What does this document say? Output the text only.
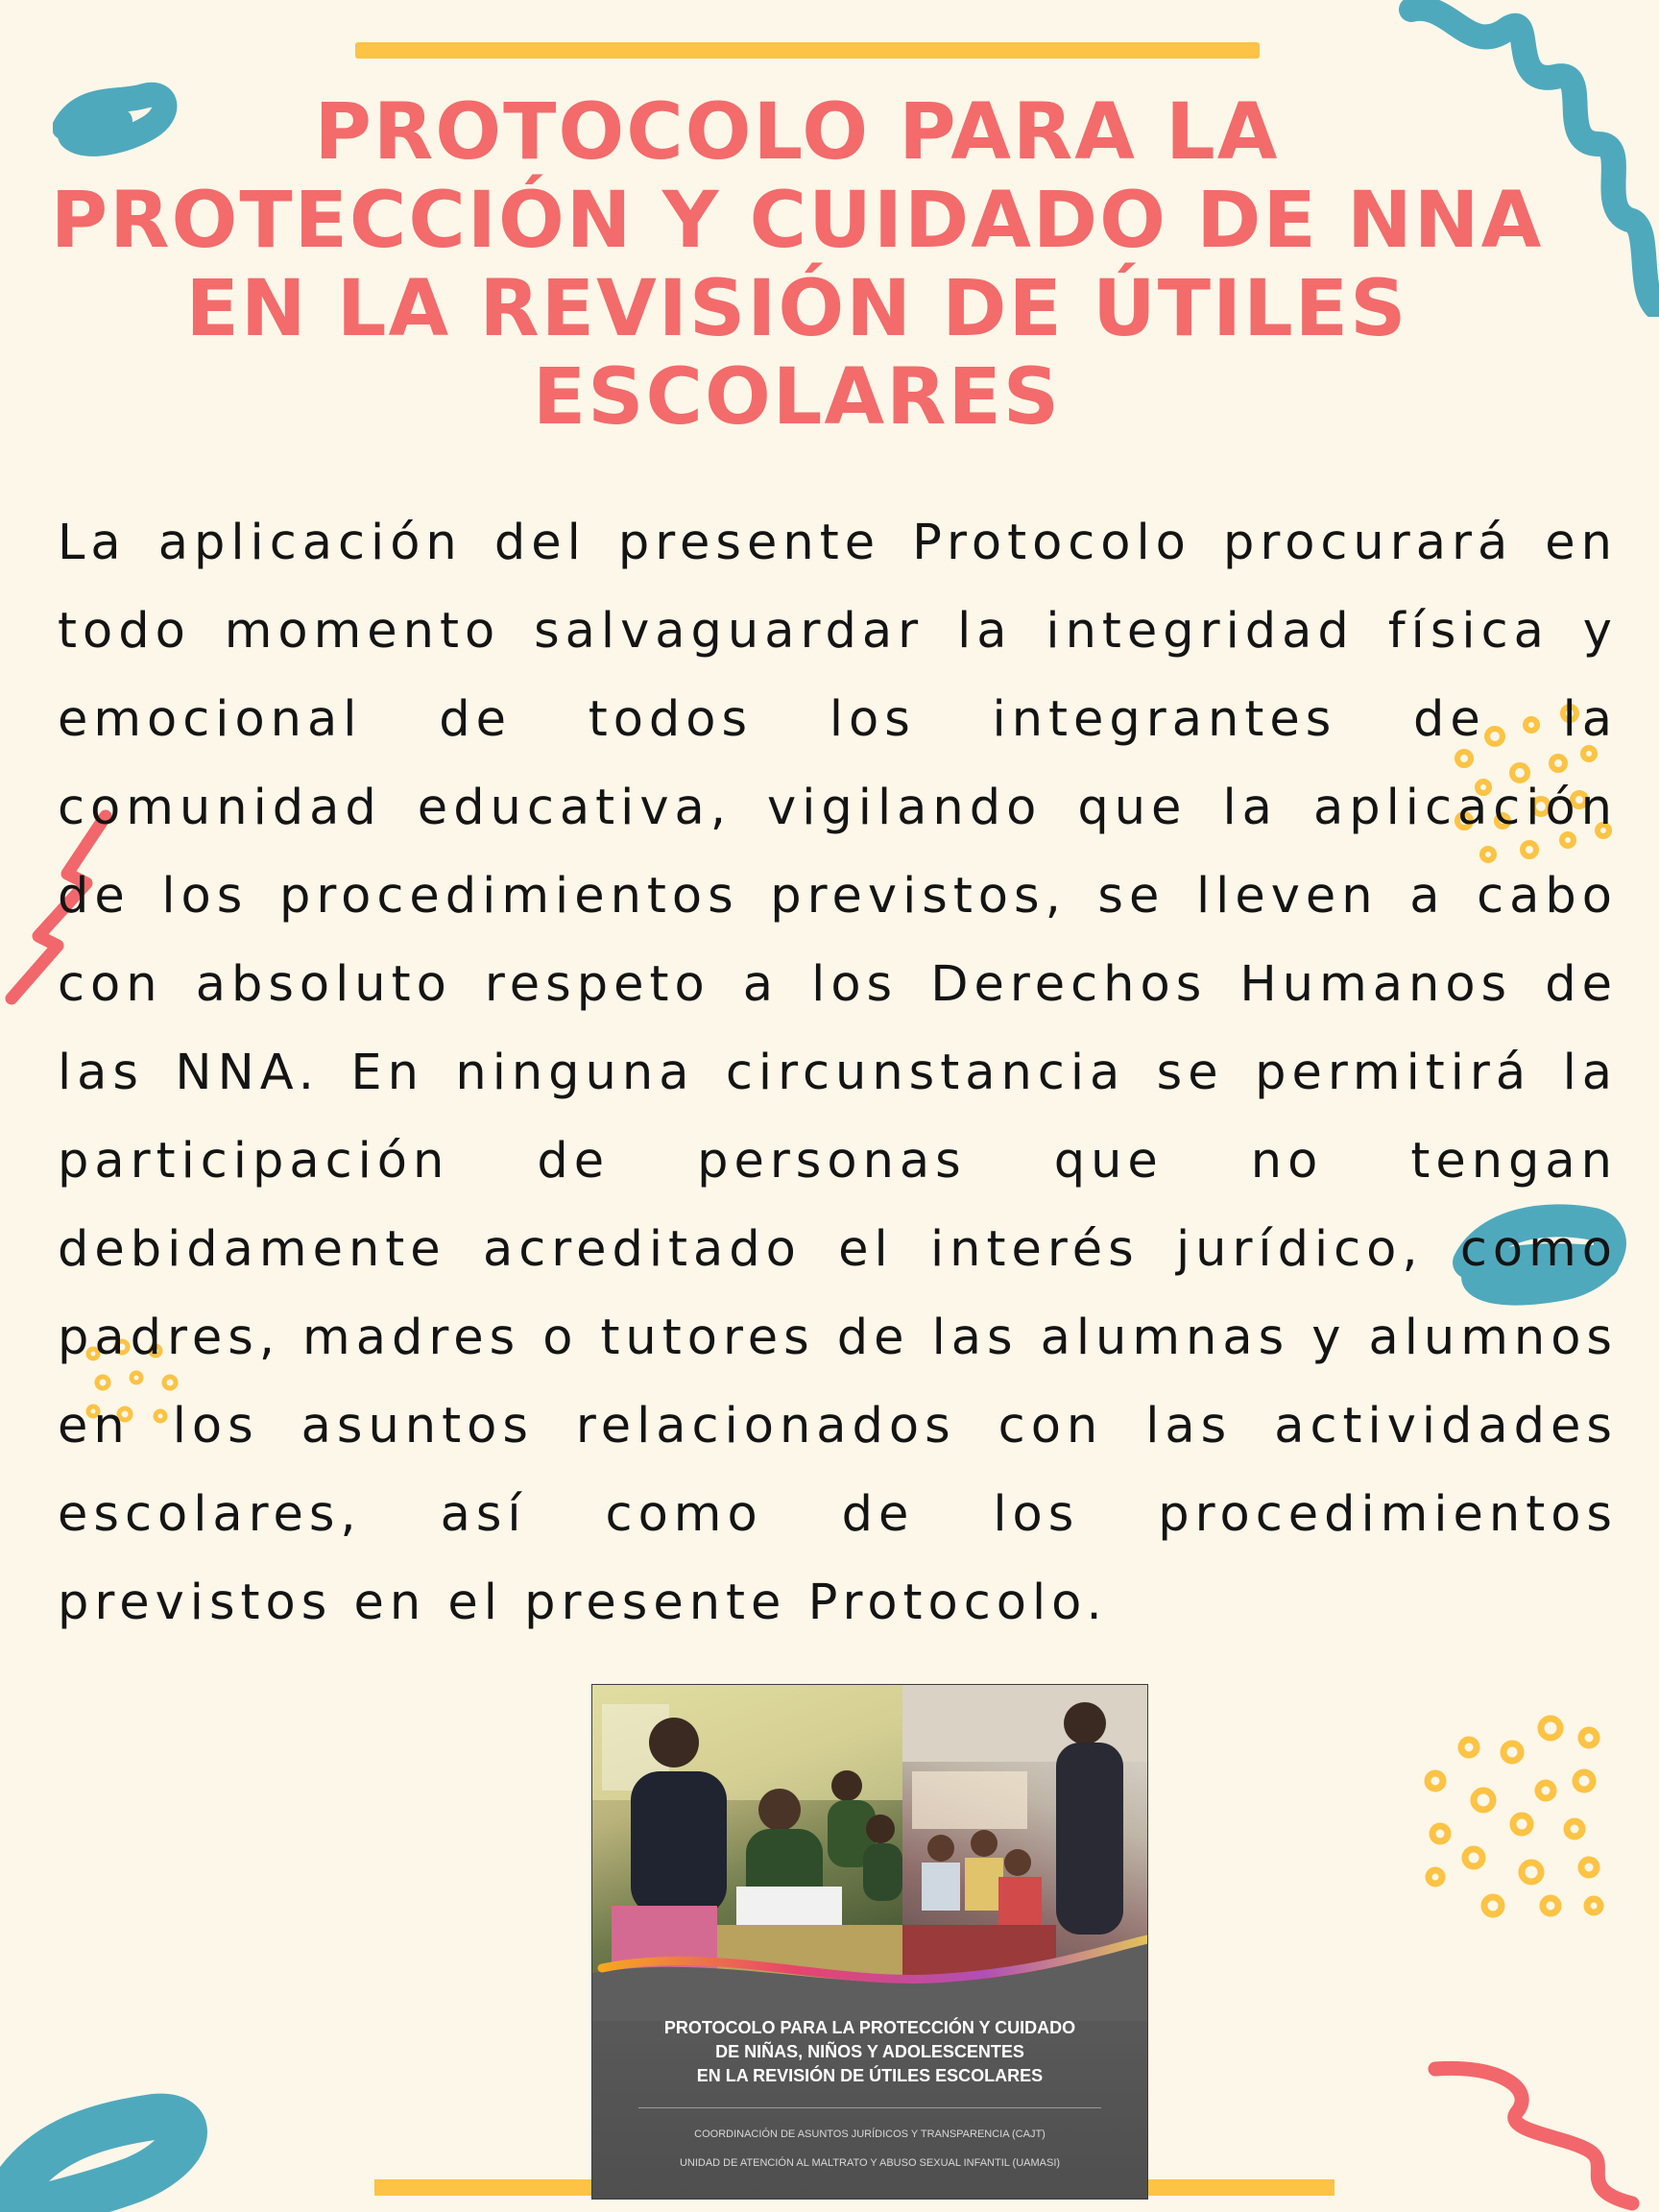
PROTOCOLO PARA LA PROTECCIÓN Y CUIDADO DE NNA EN LA REVISIÓN DE ÚTILES ESCOLARES

La aplicación del presente Protocolo procurará en todo momento salvaguardar la integridad física y emocional de todos los integrantes de la comunidad educativa, vigilando que la aplicación de los procedimientos previstos, se lleven a cabo con absoluto respeto a los Derechos Humanos de las NNA. En ninguna circunstancia se permitirá la participación de personas que no tengan debidamente acreditado el interés jurídico, como padres, madres o tutores de las alumnas y alumnos en los asuntos relacionados con las actividades escolares, así como de los procedimientos previstos en el presente Protocolo.

PROTOCOLO PARA LA PROTECCIÓN Y CUIDADO
DE NIÑAS, NIÑOS Y ADOLESCENTES
EN LA REVISIÓN DE ÚTILES ESCOLARES
COORDINACIÓN DE ASUNTOS JURÍDICOS Y TRANSPARENCIA (CAJT)
UNIDAD DE ATENCIÓN AL MALTRATO Y ABUSO SEXUAL INFANTIL (UAMASI)
